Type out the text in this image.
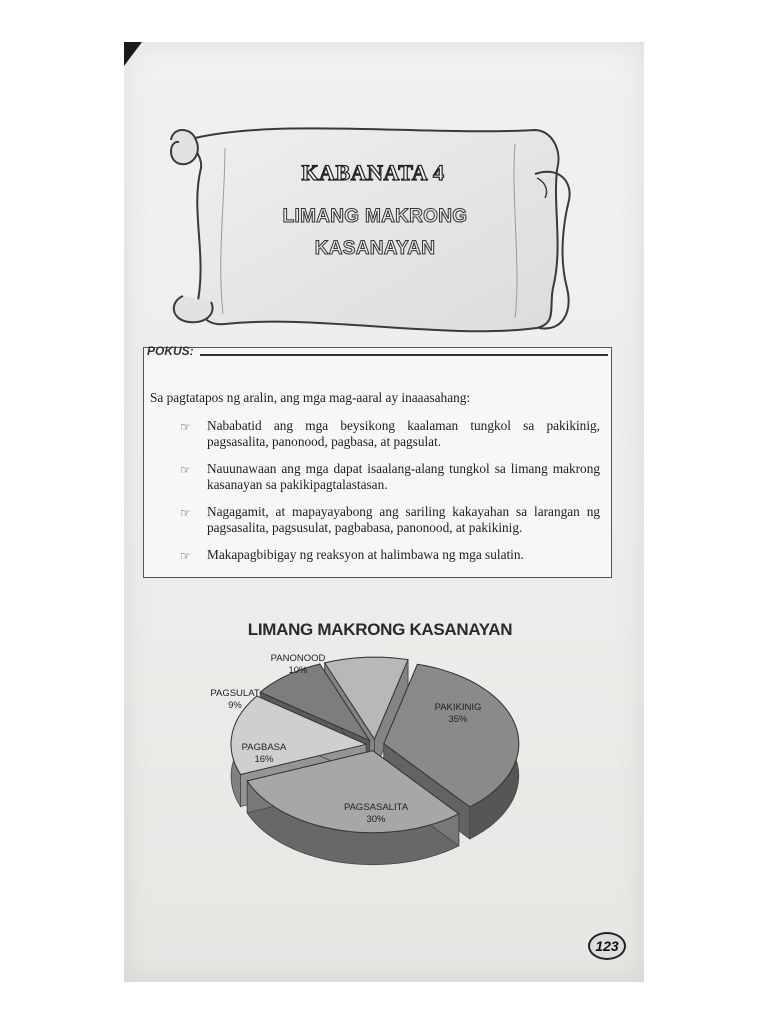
KABANATA 4
LIMANG MAKRONG
KASANAYAN
POKUS:
Sa pagtatapos ng aralin, ang mga mag-aaral ay inaaasahang:
☞ Nababatid ang mga beysikong kaalaman tungkol sa pakikinig, pagsasalita, panonood, pagbasa, at pagsulat.
☞ Nauunawaan ang mga dapat isaalang-alang tungkol sa limang makrong kasanayan sa pakikipagtalastasan.
☞ Nagagamit, at mapayayabong ang sariling kakayahan sa larangan ng pagsasalita, pagsusulat, pagbabasa, panonood, at pakikinig.
☞ Makapagbibigay ng reaksyon at halimbawa ng mga sulatin.
LIMANG MAKRONG KASANAYAN
PAKIKINIG
35%
PAGSASALITA
30%
PAGBASA
16%
PAGSULAT
9%
PANONOOD
10%
123
